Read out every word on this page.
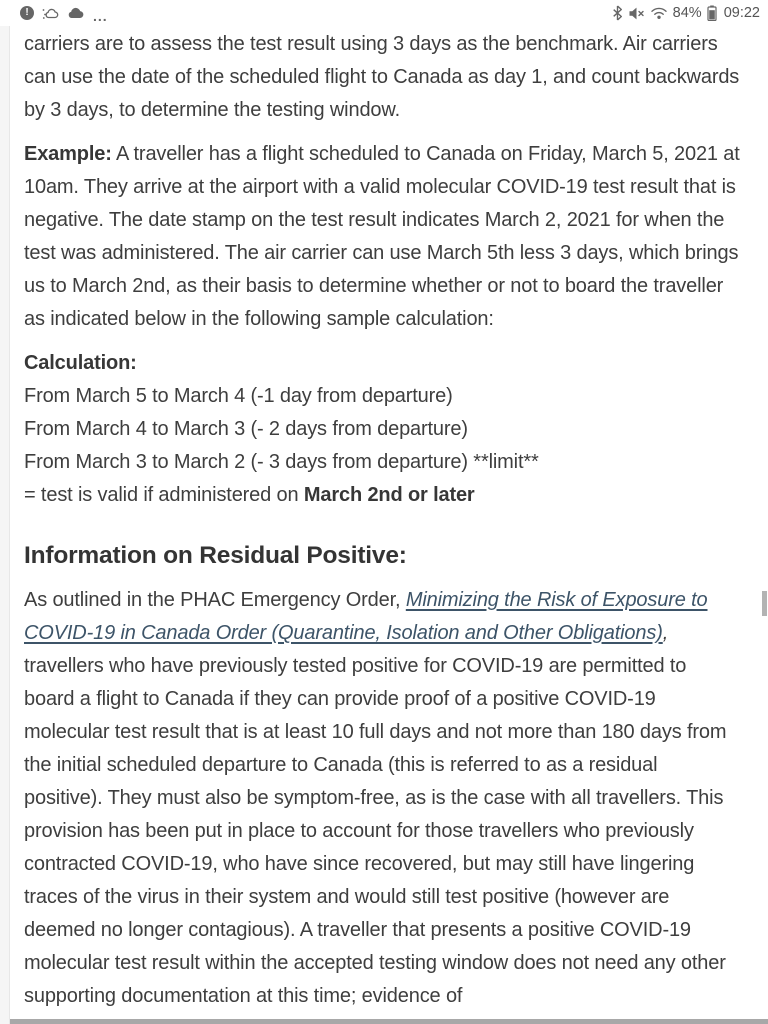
!	...	84% 09:22

carriers are to assess the test result using 3 days as the benchmark. Air carriers can use the date of the scheduled flight to Canada as day 1, and count backwards by 3 days, to determine the testing window.

Example: A traveller has a flight scheduled to Canada on Friday, March 5, 2021 at 10am. They arrive at the airport with a valid molecular COVID-19 test result that is negative. The date stamp on the test result indicates March 2, 2021 for when the test was administered. The air carrier can use March 5th less 3 days, which brings us to March 2nd, as their basis to determine whether or not to board the traveller as indicated below in the following sample calculation:

Calculation:
From March 5 to March 4 (-1 day from departure)
From March 4 to March 3 (- 2 days from departure)
From March 3 to March 2 (- 3 days from departure) **limit**
= test is valid if administered on March 2nd or later
Information on Residual Positive:

As outlined in the PHAC Emergency Order, Minimizing the Risk of Exposure to COVID-19 in Canada Order (Quarantine, Isolation and Other Obligations), travellers who have previously tested positive for COVID-19 are permitted to board a flight to Canada if they can provide proof of a positive COVID-19 molecular test result that is at least 10 full days and not more than 180 days from the initial scheduled departure to Canada (this is referred to as a residual positive). They must also be symptom-free, as is the case with all travellers. This provision has been put in place to account for those travellers who previously contracted COVID-19, who have since recovered, but may still have lingering traces of the virus in their system and would still test positive (however are deemed no longer contagious). A traveller that presents a positive COVID-19 molecular test result within the accepted testing window does not need any other supporting documentation at this time; evidence of
